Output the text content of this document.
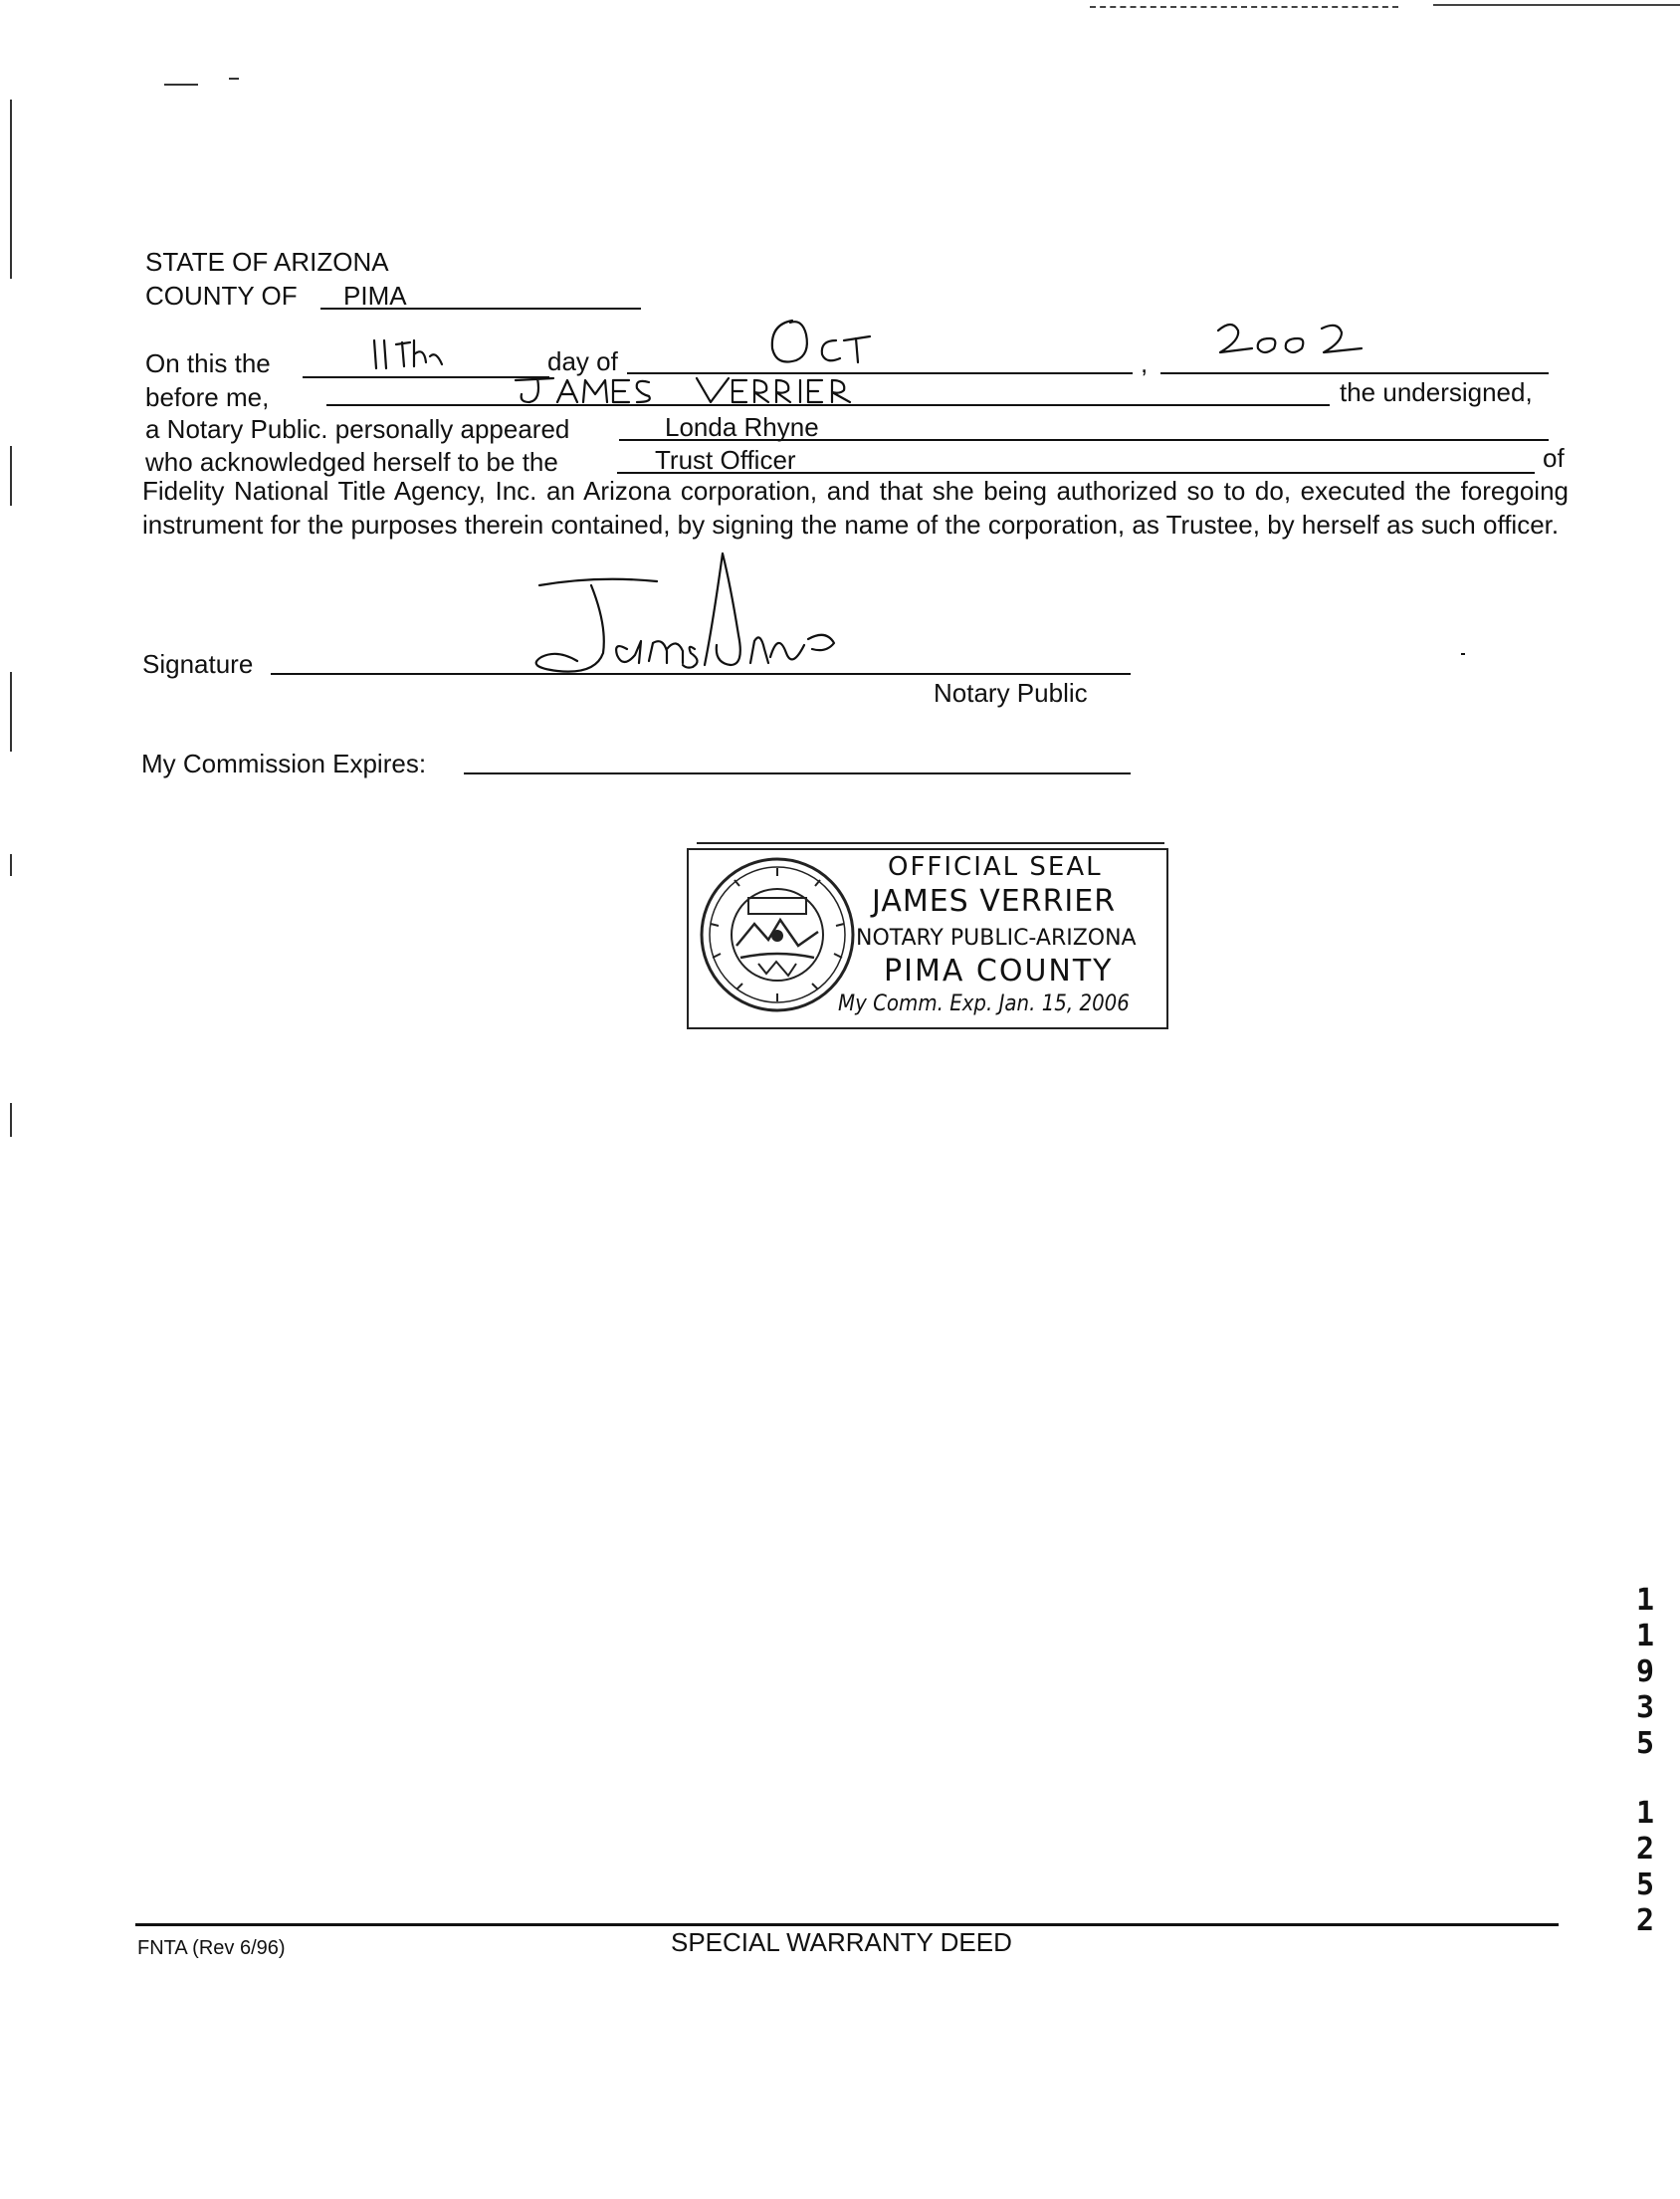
STATE OF ARIZONA
COUNTY OF PIMA
On this the	day of	,
before me,	the undersigned,
a Notary Public. personally appeared	Londa Rhyne
who acknowledged herself to be the	Trust Officer	of
Fidelity National Title Agency, Inc. an Arizona corporation, and that she being authorized so to do, executed the foregoing instrument for the purposes therein contained, by signing the name of the corporation, as Trustee, by herself as such officer.
Signature
Notary Public
My Commission Expires:
OFFICIAL SEAL
JAMES VERRIER
NOTARY PUBLIC-ARIZONA
PIMA COUNTY
My Comm. Exp. Jan. 15, 2006
1
1
9
3
5
1
2
5
2
FNTA (Rev 6/96)	SPECIAL WARRANTY DEED
